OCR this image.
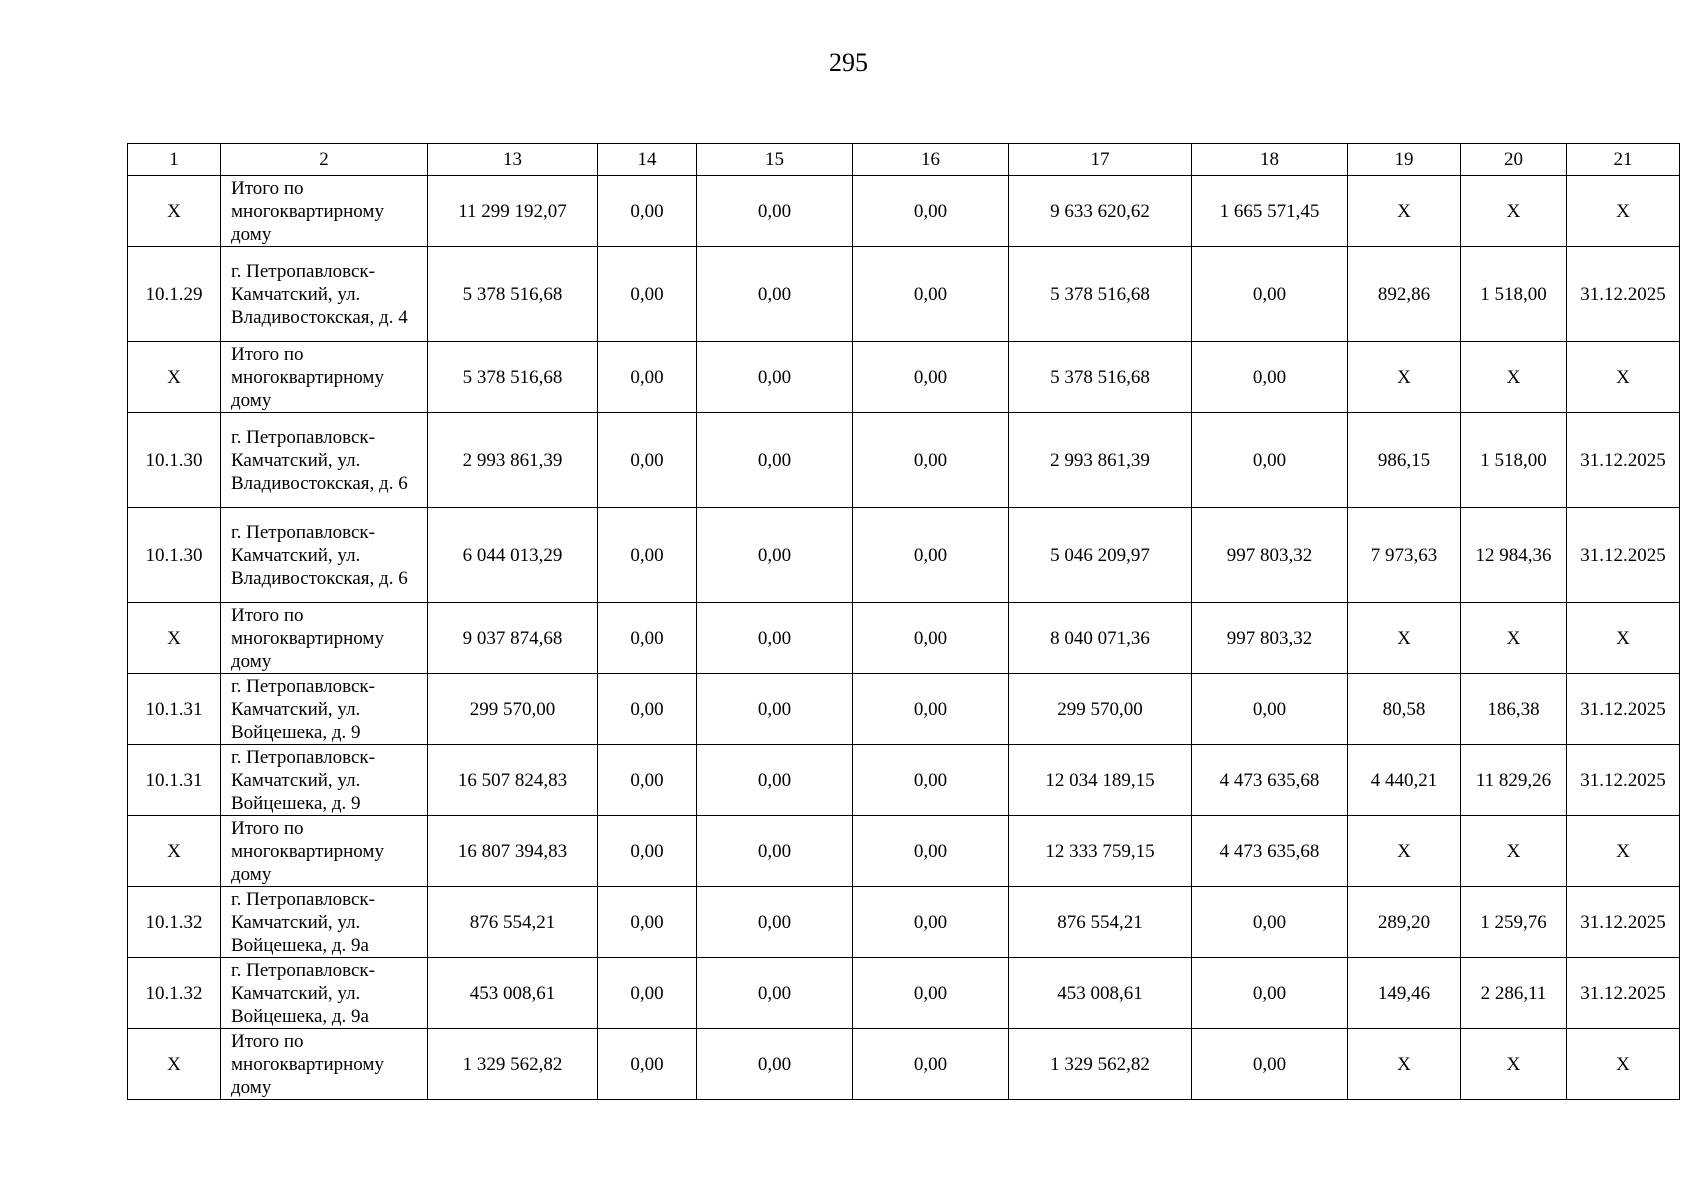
295
1	2	13	14	15	16	17	18	19	20	21
X	Итого по многоквартирному дому	11 299 192,07	0,00	0,00	0,00	9 633 620,62	1 665 571,45	X	X	X
10.1.29	г. Петропавловск-Камчатский, ул. Владивостокская, д. 4	5 378 516,68	0,00	0,00	0,00	5 378 516,68	0,00	892,86	1 518,00	31.12.2025
X	Итого по многоквартирному дому	5 378 516,68	0,00	0,00	0,00	5 378 516,68	0,00	X	X	X
10.1.30	г. Петропавловск-Камчатский, ул. Владивостокская, д. 6	2 993 861,39	0,00	0,00	0,00	2 993 861,39	0,00	986,15	1 518,00	31.12.2025
10.1.30	г. Петропавловск-Камчатский, ул. Владивостокская, д. 6	6 044 013,29	0,00	0,00	0,00	5 046 209,97	997 803,32	7 973,63	12 984,36	31.12.2025
X	Итого по многоквартирному дому	9 037 874,68	0,00	0,00	0,00	8 040 071,36	997 803,32	X	X	X
10.1.31	г. Петропавловск-Камчатский, ул. Войцешека, д. 9	299 570,00	0,00	0,00	0,00	299 570,00	0,00	80,58	186,38	31.12.2025
10.1.31	г. Петропавловск-Камчатский, ул. Войцешека, д. 9	16 507 824,83	0,00	0,00	0,00	12 034 189,15	4 473 635,68	4 440,21	11 829,26	31.12.2025
X	Итого по многоквартирному дому	16 807 394,83	0,00	0,00	0,00	12 333 759,15	4 473 635,68	X	X	X
10.1.32	г. Петропавловск-Камчатский, ул. Войцешека, д. 9а	876 554,21	0,00	0,00	0,00	876 554,21	0,00	289,20	1 259,76	31.12.2025
10.1.32	г. Петропавловск-Камчатский, ул. Войцешека, д. 9а	453 008,61	0,00	0,00	0,00	453 008,61	0,00	149,46	2 286,11	31.12.2025
X	Итого по многоквартирному дому	1 329 562,82	0,00	0,00	0,00	1 329 562,82	0,00	X	X	X
